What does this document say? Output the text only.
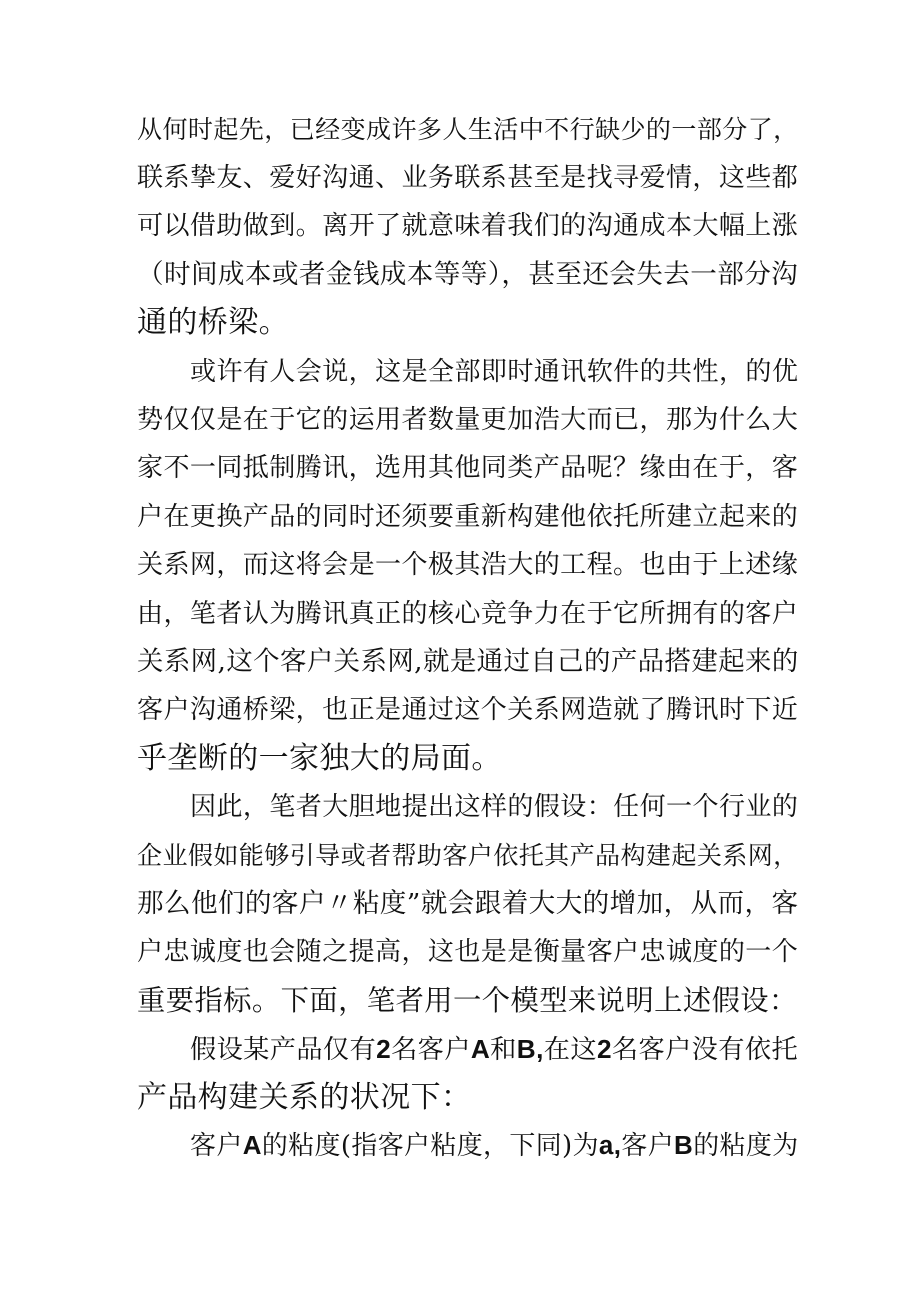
从何时起先，已经变成许多人生活中不行缺少的一部分了，
联系挚友、爱好沟通、业务联系甚至是找寻爱情，这些都
可以借助做到。离开了就意味着我们的沟通成本大幅上涨
（时间成本或者金钱成本等等），甚至还会失去一部分沟
通的桥梁。
或许有人会说，这是全部即时通讯软件的共性，的优
势仅仅是在于它的运用者数量更加浩大而已，那为什么大
家不一同抵制腾讯，选用其他同类产品呢？缘由在于，客
户在更换产品的同时还须要重新构建他依托所建立起来的
关系网，而这将会是一个极其浩大的工程。也由于上述缘
由，笔者认为腾讯真正的核心竞争力在于它所拥有的客户
关系网,这个客户关系网,就是通过自己的产品搭建起来的
客户沟通桥梁，也正是通过这个关系网造就了腾讯时下近
乎垄断的一家独大的局面。
因此，笔者大胆地提出这样的假设：任何一个行业的
企业假如能够引导或者帮助客户依托其产品构建起关系网，
那么他们的客户〃粘度”就会跟着大大的增加，从而，客
户忠诚度也会随之提高，这也是是衡量客户忠诚度的一个
重要指标。下面，笔者用一个模型来说明上述假设：
假设某产品仅有2名客户A和B,在这2名客户没有依托
产品构建关系的状况下：
客户A的粘度(指客户粘度，下同)为a,客户B的粘度为
